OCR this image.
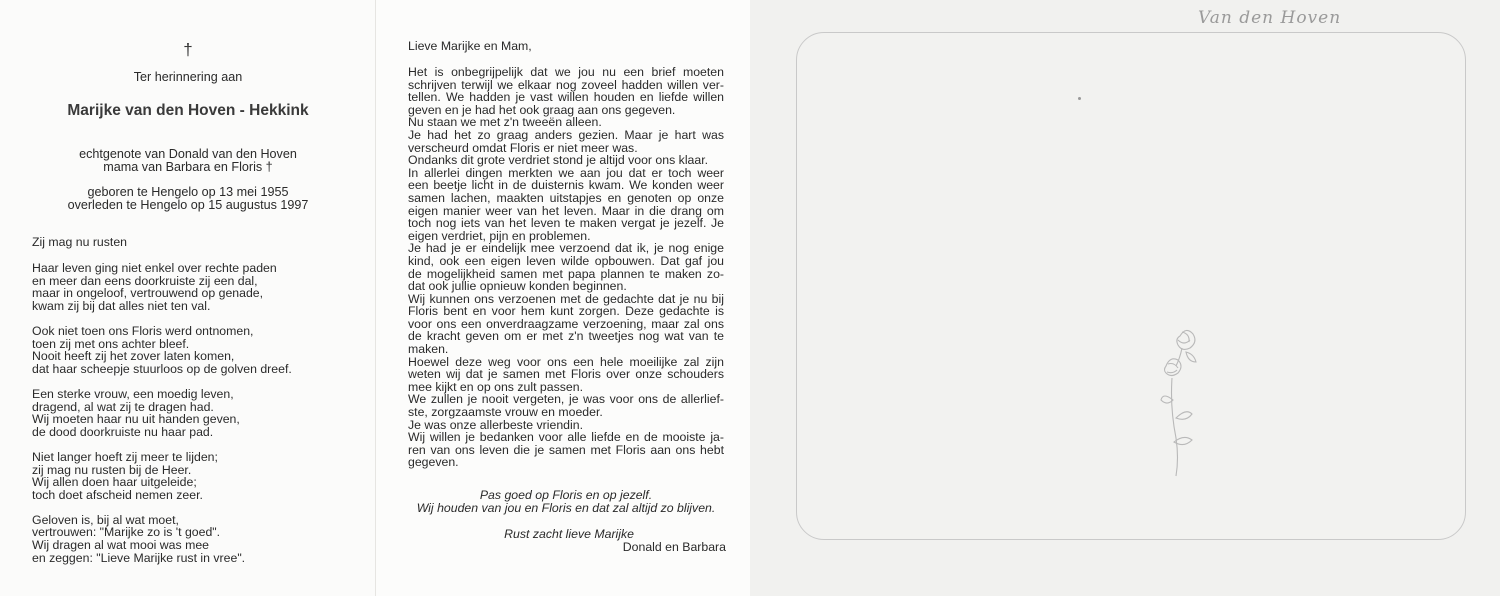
†
Ter herinnering aan
Marijke van den Hoven - Hekkink
echtgenote van Donald van den Hoven
mama van Barbara en Floris †
geboren te Hengelo op 13 mei 1955
overleden te Hengelo op 15 augustus 1997
Zij mag nu rusten
Haar leven ging niet enkel over rechte paden
en meer dan eens doorkruiste zij een dal,
maar in ongeloof, vertrouwend op genade,
kwam zij bij dat alles niet ten val.
Ook niet toen ons Floris werd ontnomen,
toen zij met ons achter bleef.
Nooit heeft zij het zover laten komen,
dat haar scheepje stuurloos op de golven dreef.
Een sterke vrouw, een moedig leven,
dragend, al wat zij te dragen had.
Wij moeten haar nu uit handen geven,
de dood doorkruiste nu haar pad.
Niet langer hoeft zij meer te lijden;
zij mag nu rusten bij de Heer.
Wij allen doen haar uitgeleide;
toch doet afscheid nemen zeer.
Geloven is, bij al wat moet,
vertrouwen: "Marijke zo is 't goed".
Wij dragen al wat mooi was mee
en zeggen: "Lieve Marijke rust in vree".
Lieve Marijke en Mam,
Het is onbegrijpelijk dat we jou nu een brief moeten
schrijven terwijl we elkaar nog zoveel hadden willen ver-
tellen. We hadden je vast willen houden en liefde willen
geven en je had het ook graag aan ons gegeven.
Nu staan we met z'n tweeën alleen.
Je had het zo graag anders gezien. Maar je hart was
verscheurd omdat Floris er niet meer was.
Ondanks dit grote verdriet stond je altijd voor ons klaar.
In allerlei dingen merkten we aan jou dat er toch weer
een beetje licht in de duisternis kwam. We konden weer
samen lachen, maakten uitstapjes en genoten op onze
eigen manier weer van het leven. Maar in die drang om
toch nog iets van het leven te maken vergat je jezelf. Je
eigen verdriet, pijn en problemen.
Je had je er eindelijk mee verzoend dat ik, je nog enige
kind, ook een eigen leven wilde opbouwen. Dat gaf jou
de mogelijkheid samen met papa plannen te maken zo-
dat ook jullie opnieuw konden beginnen.
Wij kunnen ons verzoenen met de gedachte dat je nu bij
Floris bent en voor hem kunt zorgen. Deze gedachte is
voor ons een onverdraagzame verzoening, maar zal ons
de kracht geven om er met z'n tweetjes nog wat van te
maken.
Hoewel deze weg voor ons een hele moeilijke zal zijn
weten wij dat je samen met Floris over onze schouders
mee kijkt en op ons zult passen.
We zullen je nooit vergeten, je was voor ons de allerlief-
ste, zorgzaamste vrouw en moeder.
Je was onze allerbeste vriendin.
Wij willen je bedanken voor alle liefde en de mooiste ja-
ren van ons leven die je samen met Floris aan ons hebt
gegeven.
Pas goed op Floris en op jezelf.
Wij houden van jou en Floris en dat zal altijd zo blijven.
Rust zacht lieve Marijke
Donald en Barbara
Van den Hoven
